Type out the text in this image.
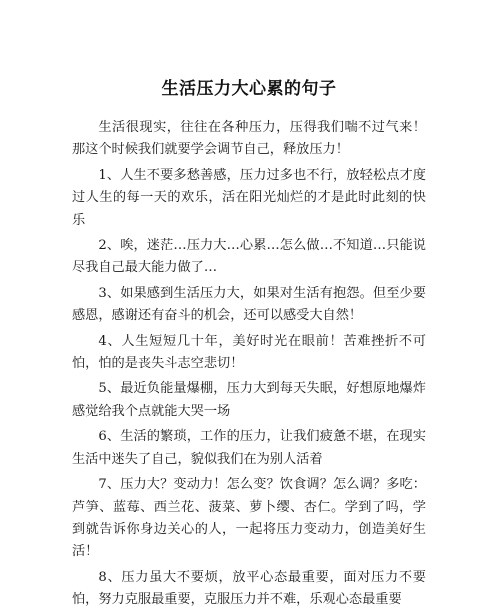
生活压力大心累的句子

生活很现实，往往在各种压力，压得我们喘不过气来！那这个时候我们就要学会调节自己，释放压力！

1、人生不要多愁善感，压力过多也不行，放轻松点才度过人生的每一天的欢乐，活在阳光灿烂的才是此时此刻的快乐

2、唉，迷茫…压力大…心累…怎么做…不知道…只能说尽我自己最大能力做了…

3、如果感到生活压力大，如果对生活有抱怨。但至少要感恩，感谢还有奋斗的机会，还可以感受大自然！

4、人生短短几十年，美好时光在眼前！苦难挫折不可怕，怕的是丧失斗志空悲切！

5、最近负能量爆棚，压力大到每天失眠，好想原地爆炸感觉给我个点就能大哭一场

6、生活的繁琐，工作的压力，让我们疲惫不堪，在现实生活中迷失了自己，貌似我们在为别人活着

7、压力大？变动力！怎么变？饮食调？怎么调？多吃：芦笋、蓝莓、西兰花、菠菜、萝卜缨、杏仁。学到了吗，学到就告诉你身边关心的人，一起将压力变动力，创造美好生活！

8、压力虽大不要烦，放平心态最重要，面对压力不要怕，努力克服最重要，克服压力并不难，乐观心态最重要
